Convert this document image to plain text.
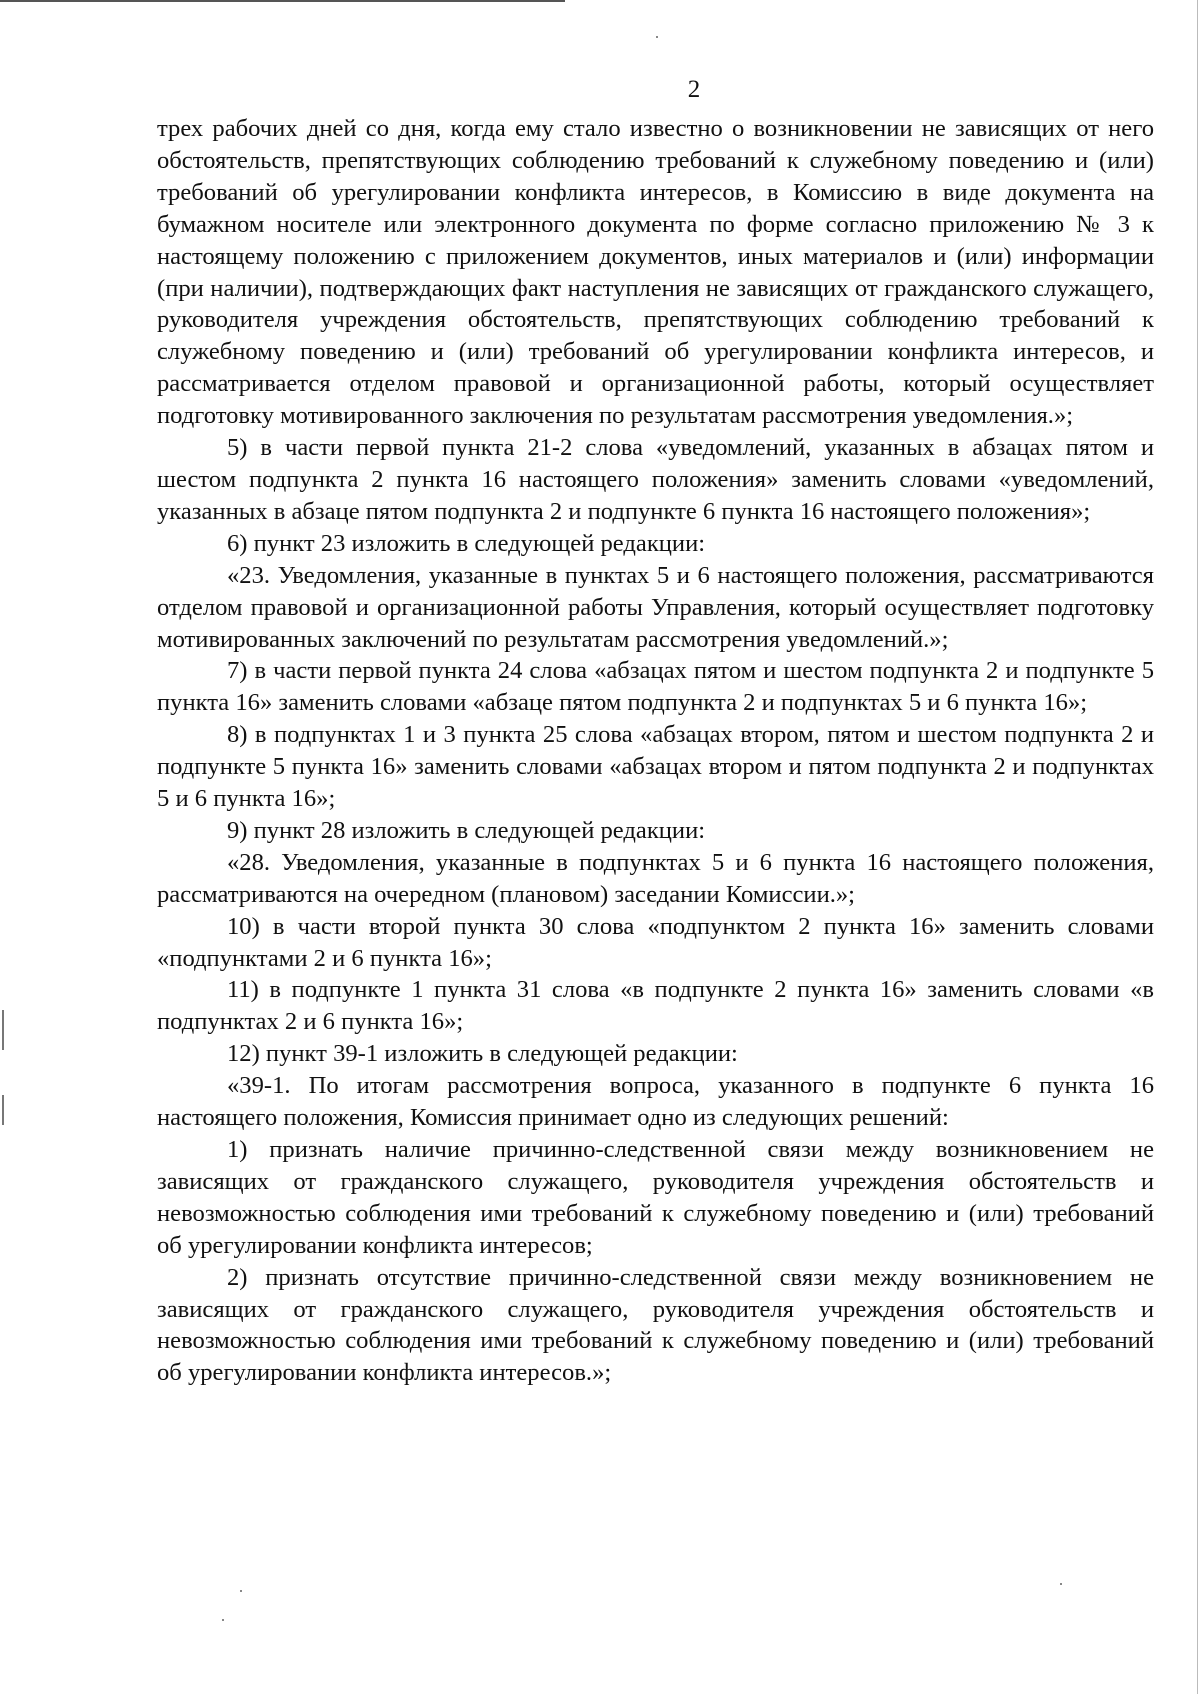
2

трех рабочих дней со дня, когда ему стало известно о возникновении не зависящих от него обстоятельств, препятствующих соблюдению требований к служебному поведению и (или) требований об урегулировании конфликта интересов, в Комиссию в виде документа на бумажном носителе или электронного документа по форме согласно приложению № 3 к настоящему положению с приложением документов, иных материалов и (или) информации (при наличии), подтверждающих факт наступления не зависящих от гражданского служащего, руководителя учреждения обстоятельств, препятствующих соблюдению требований к служебному поведению и (или) требований об урегулировании конфликта интересов, и рассматривается отделом правовой и организационной работы, который осуществляет подготовку мотивированного заключения по результатам рассмотрения уведомления.»;

5) в части первой пункта 21-2 слова «уведомлений, указанных в абзацах пятом и шестом подпункта 2 пункта 16 настоящего положения» заменить словами «уведомлений, указанных в абзаце пятом подпункта 2 и подпункте 6 пункта 16 настоящего положения»;

6) пункт 23 изложить в следующей редакции:

«23. Уведомления, указанные в пунктах 5 и 6 настоящего положения, рассматриваются отделом правовой и организационной работы Управления, который осуществляет подготовку мотивированных заключений по результатам рассмотрения уведомлений.»;

7) в части первой пункта 24 слова «абзацах пятом и шестом подпункта 2 и подпункте 5 пункта 16» заменить словами «абзаце пятом подпункта 2 и подпунктах 5 и 6 пункта 16»;

8) в подпунктах 1 и 3 пункта 25 слова «абзацах втором, пятом и шестом подпункта 2 и подпункте 5 пункта 16» заменить словами «абзацах втором и пятом подпункта 2 и подпунктах 5 и 6 пункта 16»;

9) пункт 28 изложить в следующей редакции:

«28. Уведомления, указанные в подпунктах 5 и 6 пункта 16 настоящего положения, рассматриваются на очередном (плановом) заседании Комиссии.»;

10) в части второй пункта 30 слова «подпунктом 2 пункта 16» заменить словами «подпунктами 2 и 6 пункта 16»;

11) в подпункте 1 пункта 31 слова «в подпункте 2 пункта 16» заменить словами «в подпунктах 2 и 6 пункта 16»;

12) пункт 39-1 изложить в следующей редакции:

«39-1. По итогам рассмотрения вопроса, указанного в подпункте 6 пункта 16 настоящего положения, Комиссия принимает одно из следующих решений:

1) признать наличие причинно-следственной связи между возникновением не зависящих от гражданского служащего, руководителя учреждения обстоятельств и невозможностью соблюдения ими требований к служебному поведению и (или) требований об урегулировании конфликта интересов;

2) признать отсутствие причинно-следственной связи между возникновением не зависящих от гражданского служащего, руководителя учреждения обстоятельств и невозможностью соблюдения ими требований к служебному поведению и (или) требований об урегулировании конфликта интересов.»;
